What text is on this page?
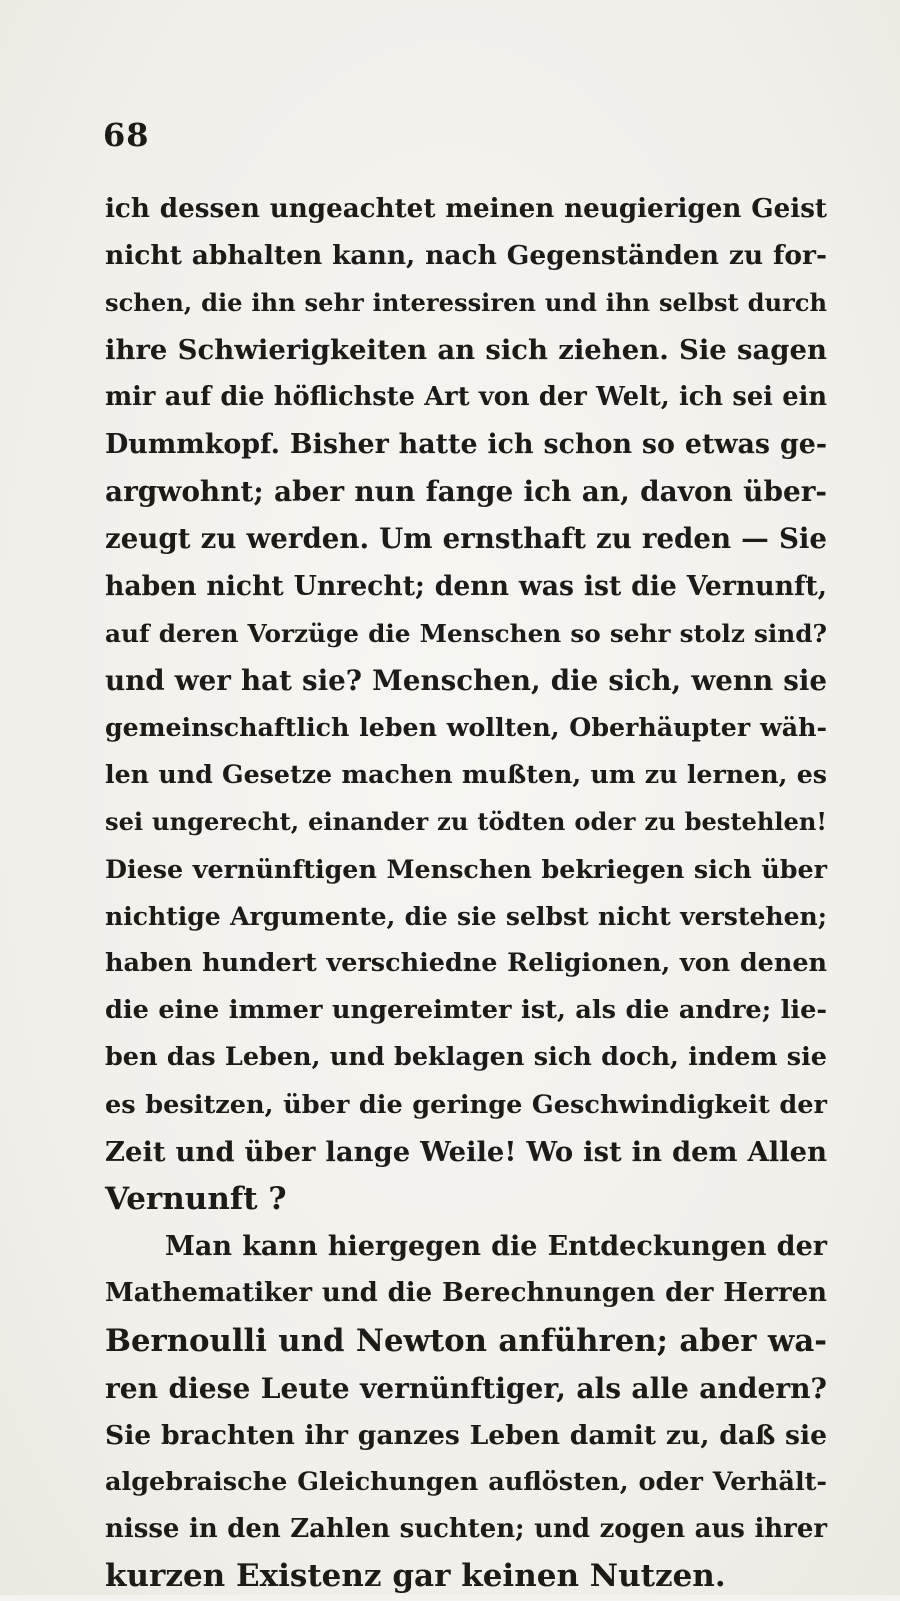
68
ich dessen ungeachtet meinen neugierigen Geist
nicht abhalten kann, nach Gegenständen zu for-
schen, die ihn sehr interessiren und ihn selbst durch
ihre Schwierigkeiten an sich ziehen. Sie sagen
mir auf die höflichste Art von der Welt, ich sei ein
Dummkopf. Bisher hatte ich schon so etwas ge-
argwohnt; aber nun fange ich an, davon über-
zeugt zu werden. Um ernsthaft zu reden — Sie
haben nicht Unrecht; denn was ist die Vernunft,
auf deren Vorzüge die Menschen so sehr stolz sind?
und wer hat sie? Menschen, die sich, wenn sie
gemeinschaftlich leben wollten, Oberhäupter wäh-
len und Gesetze machen mußten, um zu lernen, es
sei ungerecht, einander zu tödten oder zu bestehlen!
Diese vernünftigen Menschen bekriegen sich über
nichtige Argumente, die sie selbst nicht verstehen;
haben hundert verschiedne Religionen, von denen
die eine immer ungereimter ist, als die andre; lie-
ben das Leben, und beklagen sich doch, indem sie
es besitzen, über die geringe Geschwindigkeit der
Zeit und über lange Weile! Wo ist in dem Allen
Vernunft ?
Man kann hiergegen die Entdeckungen der
Mathematiker und die Berechnungen der Herren
Bernoulli und Newton anführen; aber wa-
ren diese Leute vernünftiger, als alle andern?
Sie brachten ihr ganzes Leben damit zu, daß sie
algebraische Gleichungen auflösten, oder Verhält-
nisse in den Zahlen suchten; und zogen aus ihrer
kurzen Existenz gar keinen Nutzen.
